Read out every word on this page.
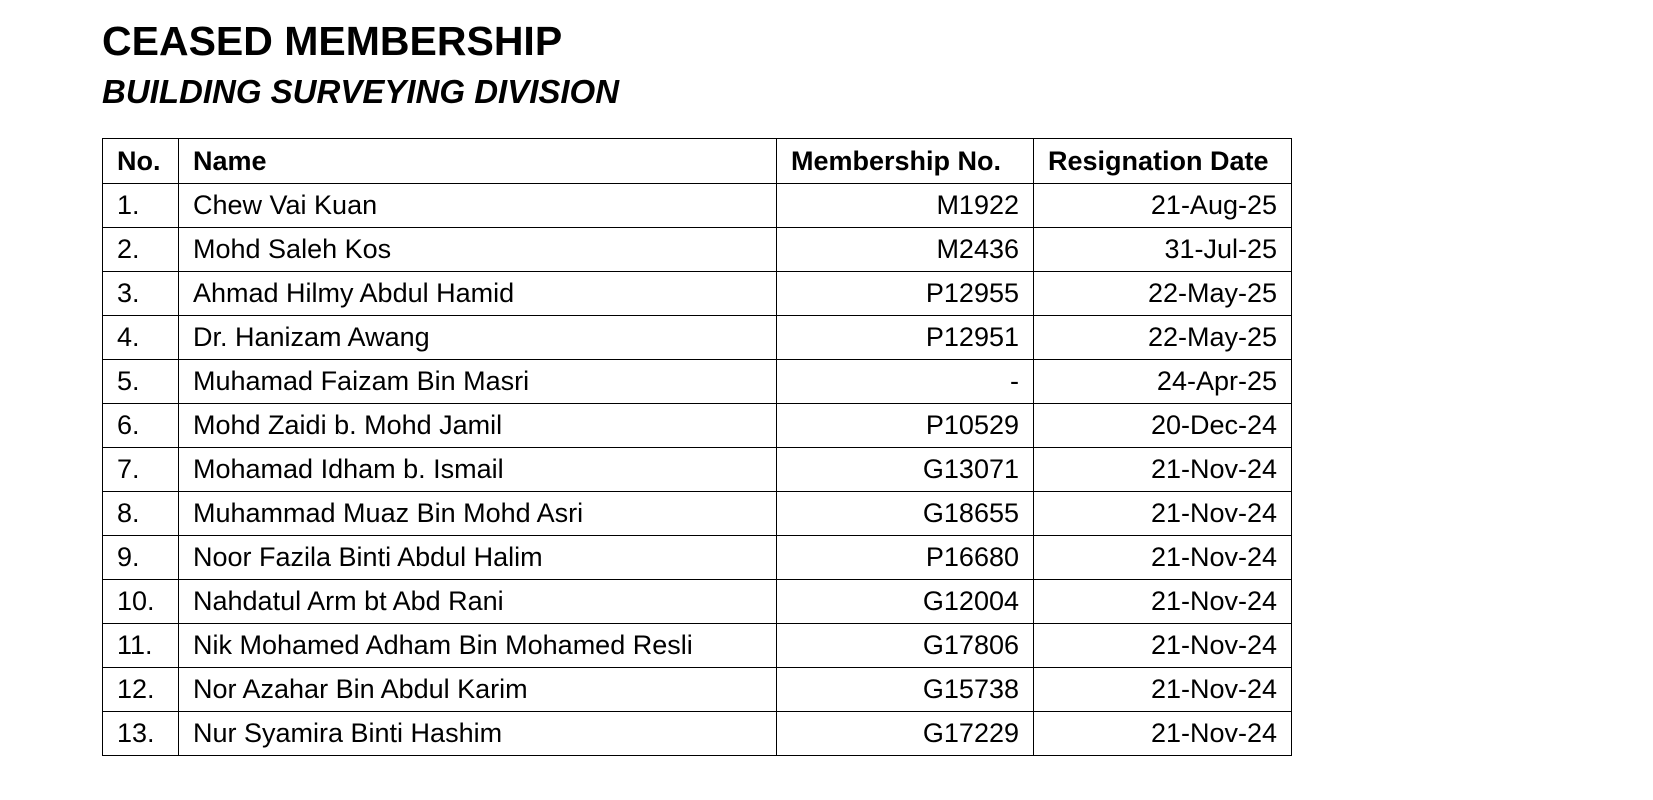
CEASED MEMBERSHIP
BUILDING SURVEYING DIVISION
No.	Name	Membership No.	Resignation Date
1.	Chew Vai Kuan	M1922	21-Aug-25
2.	Mohd Saleh Kos	M2436	31-Jul-25
3.	Ahmad Hilmy Abdul Hamid	P12955	22-May-25
4.	Dr. Hanizam Awang	P12951	22-May-25
5.	Muhamad Faizam Bin Masri	-	24-Apr-25
6.	Mohd Zaidi b. Mohd Jamil	P10529	20-Dec-24
7.	Mohamad Idham b. Ismail	G13071	21-Nov-24
8.	Muhammad Muaz Bin Mohd Asri	G18655	21-Nov-24
9.	Noor Fazila Binti Abdul Halim	P16680	21-Nov-24
10.	Nahdatul Arm bt Abd Rani	G12004	21-Nov-24
11.	Nik Mohamed Adham Bin Mohamed Resli	G17806	21-Nov-24
12.	Nor Azahar Bin Abdul Karim	G15738	21-Nov-24
13.	Nur Syamira Binti Hashim	G17229	21-Nov-24
